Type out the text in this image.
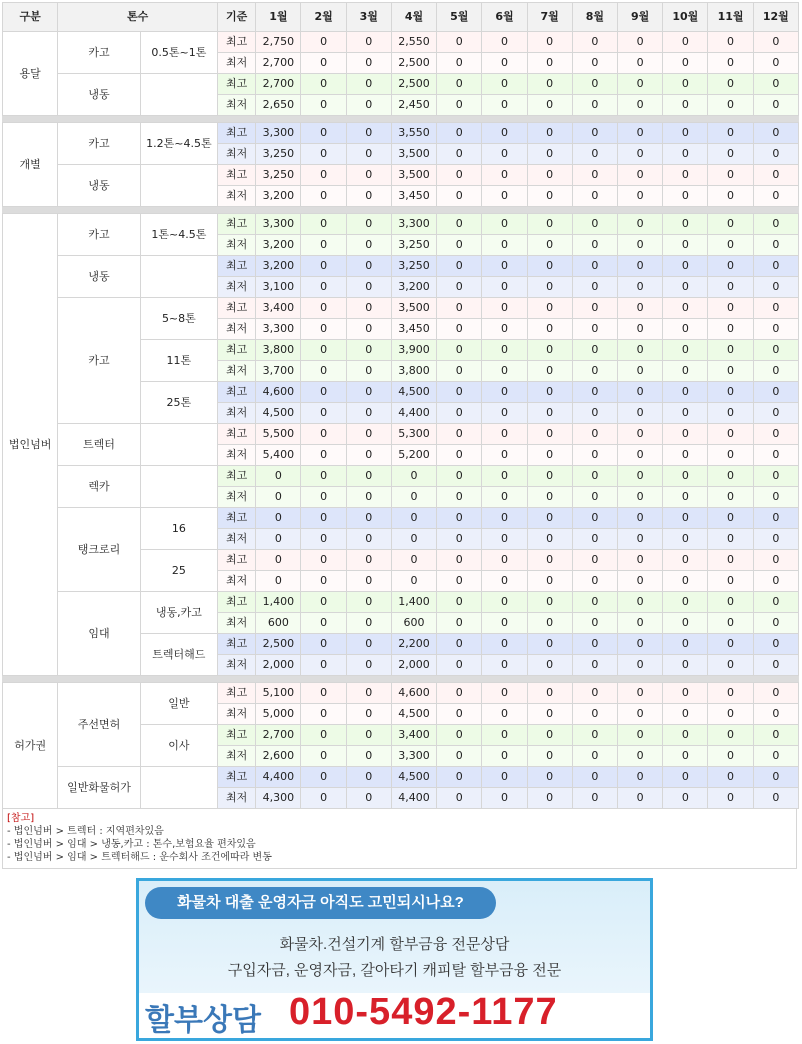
구분	톤수		기준	1월	2월	3월	4월	5월	6월	7월	8월	9월	10월	11월	12월
용달	카고	0.5톤~1톤	최고	2,750	0	0	2,550	0	0	0	0	0	0	0	0
			최저	2,700	0	0	2,500	0	0	0	0	0	0	0	0
	냉동		최고	2,700	0	0	2,500	0	0	0	0	0	0	0	0
			최저	2,650	0	0	2,450	0	0	0	0	0	0	0	0

개별	카고	1.2톤~4.5톤	최고	3,300	0	0	3,550	0	0	0	0	0	0	0	0
			최저	3,250	0	0	3,500	0	0	0	0	0	0	0	0
	냉동		최고	3,250	0	0	3,500	0	0	0	0	0	0	0	0
			최저	3,200	0	0	3,450	0	0	0	0	0	0	0	0

법인넘버	카고	1톤~4.5톤	최고	3,300	0	0	3,300	0	0	0	0	0	0	0	0
			최저	3,200	0	0	3,250	0	0	0	0	0	0	0	0
	냉동		최고	3,200	0	0	3,250	0	0	0	0	0	0	0	0
			최저	3,100	0	0	3,200	0	0	0	0	0	0	0	0
	카고	5~8톤	최고	3,400	0	0	3,500	0	0	0	0	0	0	0	0
			최저	3,300	0	0	3,450	0	0	0	0	0	0	0	0
		11톤	최고	3,800	0	0	3,900	0	0	0	0	0	0	0	0
			최저	3,700	0	0	3,800	0	0	0	0	0	0	0	0
		25톤	최고	4,600	0	0	4,500	0	0	0	0	0	0	0	0
			최저	4,500	0	0	4,400	0	0	0	0	0	0	0	0
	트렉터		최고	5,500	0	0	5,300	0	0	0	0	0	0	0	0
			최저	5,400	0	0	5,200	0	0	0	0	0	0	0	0
	렉카		최고	0	0	0	0	0	0	0	0	0	0	0	0
			최저	0	0	0	0	0	0	0	0	0	0	0	0
	탱크로리	16	최고	0	0	0	0	0	0	0	0	0	0	0	0
			최저	0	0	0	0	0	0	0	0	0	0	0	0
		25	최고	0	0	0	0	0	0	0	0	0	0	0	0
			최저	0	0	0	0	0	0	0	0	0	0	0	0
	임대	냉동,카고	최고	1,400	0	0	1,400	0	0	0	0	0	0	0	0
			최저	600	0	0	600	0	0	0	0	0	0	0	0
		트렉터해드	최고	2,500	0	0	2,200	0	0	0	0	0	0	0	0
			최저	2,000	0	0	2,000	0	0	0	0	0	0	0	0

허가권	주선면허	일반	최고	5,100	0	0	4,600	0	0	0	0	0	0	0	0
			최저	5,000	0	0	4,500	0	0	0	0	0	0	0	0
		이사	최고	2,700	0	0	3,400	0	0	0	0	0	0	0	0
			최저	2,600	0	0	3,300	0	0	0	0	0	0	0	0
	일반화물허가		최고	4,400	0	0	4,500	0	0	0	0	0	0	0	0
			최저	4,300	0	0	4,400	0	0	0	0	0	0	0	0
[참고]
- 법인넘버 > 트렉터 : 지역편차있음
- 법인넘버 > 임대 > 냉동,카고 : 톤수,보험요율 편차있음
- 법인넘버 > 임대 > 트렉터해드 : 운수회사 조건에따라 변동
화물차 대출 운영자금 아직도 고민되시나요?
화물차.건설기계 할부금융 전문상담
구입자금, 운영자금, 갈아타기 캐피탈 할부금융 전문
할부상담 010-5492-1177
